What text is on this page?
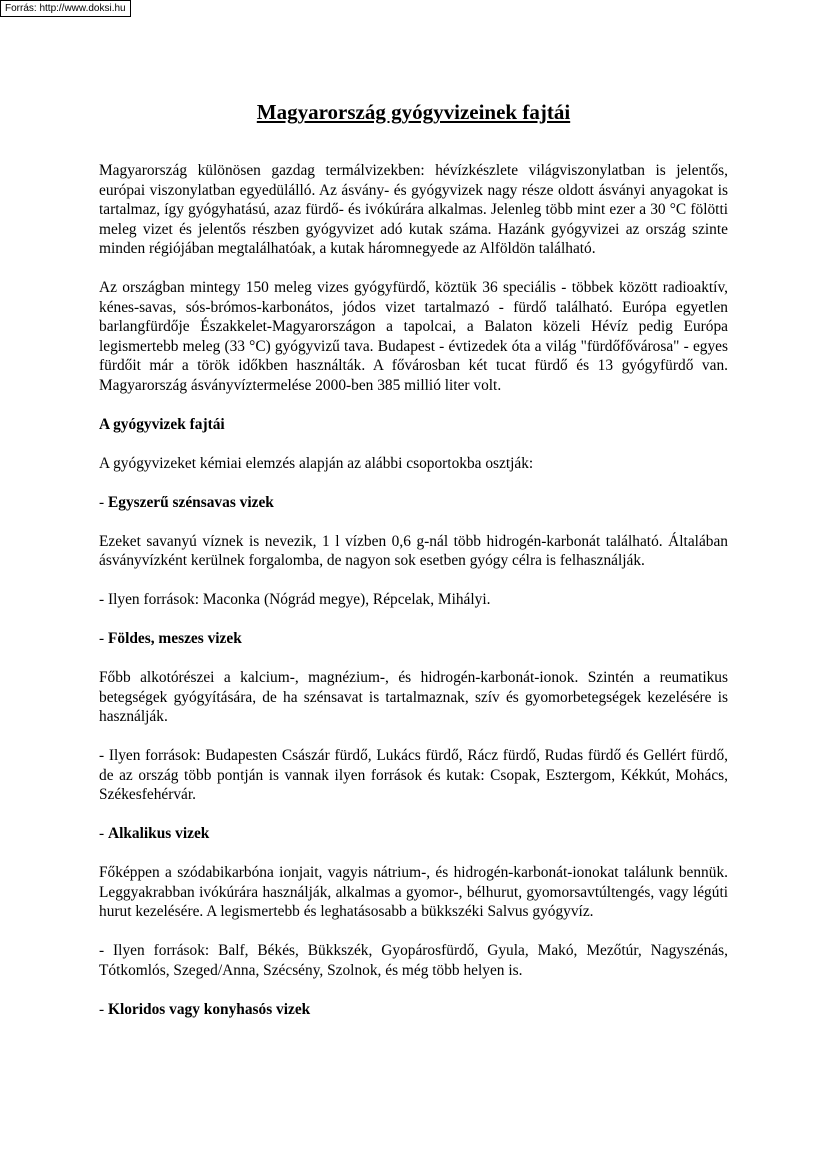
Forrás: http://www.doksi.hu
Magyarország gyógyvizeinek fajtái

Magyarország különösen gazdag termálvizekben: hévízkészlete világviszonylatban is jelentős, európai viszonylatban egyedülálló. Az ásvány- és gyógyvizek nagy része oldott ásványi anyagokat is tartalmaz, így gyógyhatású, azaz fürdő- és ivókúrára alkalmas. Jelenleg több mint ezer a 30 °C fölötti meleg vizet és jelentős részben gyógyvizet adó kutak száma. Hazánk gyógyvizei az ország szinte minden régiójában megtalálhatóak, a kutak háromnegyede az Alföldön található.

Az országban mintegy 150 meleg vizes gyógyfürdő, köztük 36 speciális - többek között radioaktív, kénes-savas, sós-brómos-karbonátos, jódos vizet tartalmazó - fürdő található. Európa egyetlen barlangfürdője Északkelet-Magyarországon a tapolcai, a Balaton közeli Hévíz pedig Európa legismertebb meleg (33 °C) gyógyvizű tava. Budapest - évtizedek óta a világ "fürdőfővárosa" - egyes fürdőit már a török időkben használták. A fővárosban két tucat fürdő és 13 gyógyfürdő van. Magyarország ásványvíztermelése 2000-ben 385 millió liter volt.

A gyógyvizek fajtái

A gyógyvizeket kémiai elemzés alapján az alábbi csoportokba osztják:

- Egyszerű szénsavas vizek

Ezeket savanyú víznek is nevezik, 1 l vízben 0,6 g-nál több hidrogén-karbonát található. Általában ásványvízként kerülnek forgalomba, de nagyon sok esetben gyógy célra is felhasználják.

- Ilyen források: Maconka (Nógrád megye), Répcelak, Mihályi.

- Földes, meszes vizek

Főbb alkotórészei a kalcium-, magnézium-, és hidrogén-karbonát-ionok. Szintén a reumatikus betegségek gyógyítására, de ha szénsavat is tartalmaznak, szív és gyomorbetegségek kezelésére is használják.

- Ilyen források: Budapesten Császár fürdő, Lukács fürdő, Rácz fürdő, Rudas fürdő és Gellért fürdő, de az ország több pontján is vannak ilyen források és kutak: Csopak, Esztergom, Kékkút, Mohács, Székesfehérvár.

- Alkalikus vizek

Főképpen a szódabikarbóna ionjait, vagyis nátrium-, és hidrogén-karbonát-ionokat találunk bennük. Leggyakrabban ivókúrára használják, alkalmas a gyomor-, bélhurut, gyomorsavtúltengés, vagy légúti hurut kezelésére. A legismertebb és leghatásosabb a bükkszéki Salvus gyógyvíz.

- Ilyen források: Balf, Békés, Bükkszék, Gyopárosfürdő, Gyula, Makó, Mezőtúr, Nagyszénás, Tótkomlós, Szeged/Anna, Szécsény, Szolnok, és még több helyen is.

- Kloridos vagy konyhasós vizek
